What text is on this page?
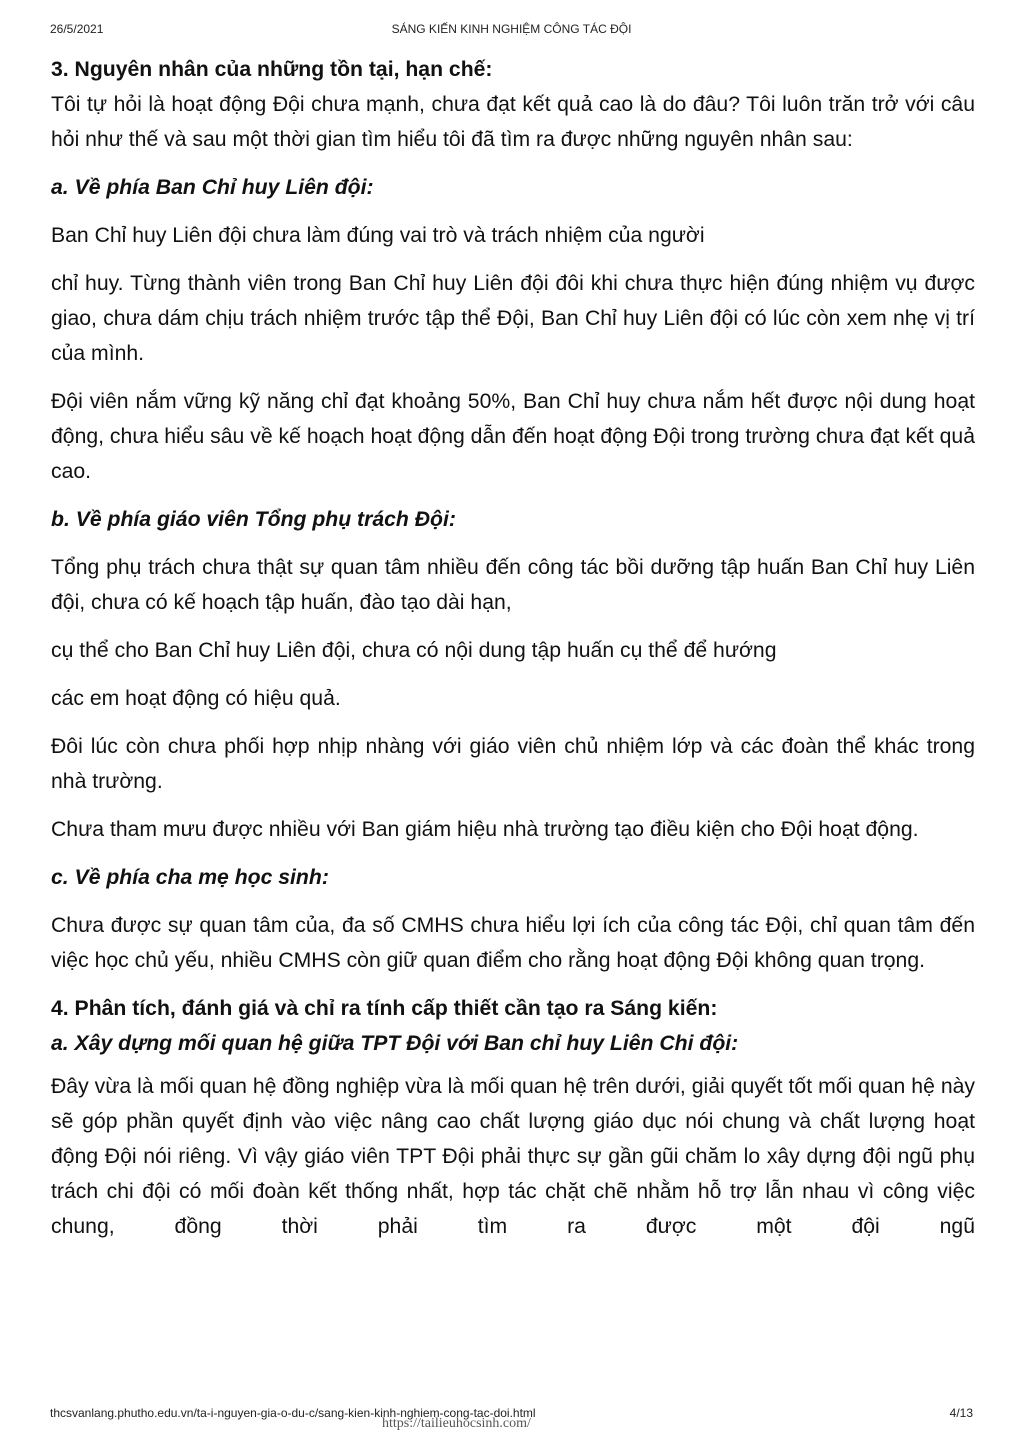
26/5/2021	SÁNG KIẾN KINH NGHIỆM CÔNG TÁC ĐỘI

3. Nguyên nhân của những tồn tại, hạn chế:

Tôi tự hỏi là hoạt động Đội chưa mạnh, chưa đạt kết quả cao là do đâu? Tôi luôn trăn trở với câu hỏi như thế và sau một thời gian tìm hiểu tôi đã tìm ra được những nguyên nhân sau:

a. Về phía Ban Chỉ huy Liên đội:

Ban Chỉ huy Liên đội chưa làm đúng vai trò và trách nhiệm của người

chỉ huy. Từng thành viên trong Ban Chỉ huy Liên đội đôi khi chưa thực hiện đúng nhiệm vụ được giao, chưa dám chịu trách nhiệm trước tập thể Đội, Ban Chỉ huy Liên đội có lúc còn xem nhẹ vị trí của mình.

Đội viên nắm vững kỹ năng chỉ đạt khoảng 50%, Ban Chỉ huy chưa nắm hết được nội dung hoạt động, chưa hiểu sâu về kế hoạch hoạt động dẫn đến hoạt động Đội trong trường chưa đạt kết quả cao.

b. Về phía giáo viên Tổng phụ trách Đội:

Tổng phụ trách chưa thật sự quan tâm nhiều đến công tác bồi dưỡng tập huấn Ban Chỉ huy Liên đội, chưa có kế hoạch tập huấn, đào tạo dài hạn,

cụ thể cho Ban Chỉ huy Liên đội, chưa có nội dung tập huấn cụ thể để hướng

các em hoạt động có hiệu quả.

Đôi lúc còn chưa phối hợp nhịp nhàng với giáo viên chủ nhiệm lớp và các đoàn thể khác trong nhà trường.

Chưa tham mưu được nhiều với Ban giám hiệu nhà trường tạo điều kiện cho Đội hoạt động.

c. Về phía cha mẹ học sinh:

Chưa được sự quan tâm của, đa số CMHS chưa hiểu lợi ích của công tác Đội, chỉ quan tâm đến việc học chủ yếu, nhiều CMHS còn giữ quan điểm cho rằng hoạt động Đội không quan trọng.

4. Phân tích, đánh giá và chỉ ra tính cấp thiết cần tạo ra Sáng kiến:

a. Xây dựng mối quan hệ giữa TPT Đội với Ban chỉ huy Liên Chi đội:

Đây vừa là mối quan hệ đồng nghiệp vừa là mối quan hệ trên dưới, giải quyết tốt mối quan hệ này sẽ góp phần quyết định vào việc nâng cao chất lượng giáo dục nói chung và chất lượng hoạt động Đội nói riêng. Vì vậy giáo viên TPT Đội phải thực sự gần gũi chăm lo xây dựng đội ngũ phụ trách chi đội có mối đoàn kết thống nhất, hợp tác chặt chẽ nhằm hỗ trợ lẫn nhau vì công việc chung, đồng thời phải tìm ra được một đội ngũ

thcsvanlang.phutho.edu.vn/ta-i-nguyen-gia-o-du-c/sang-kien-kinh-nghiem-cong-tac-doi.html	4/13
https://tailieuhocsinh.com/
